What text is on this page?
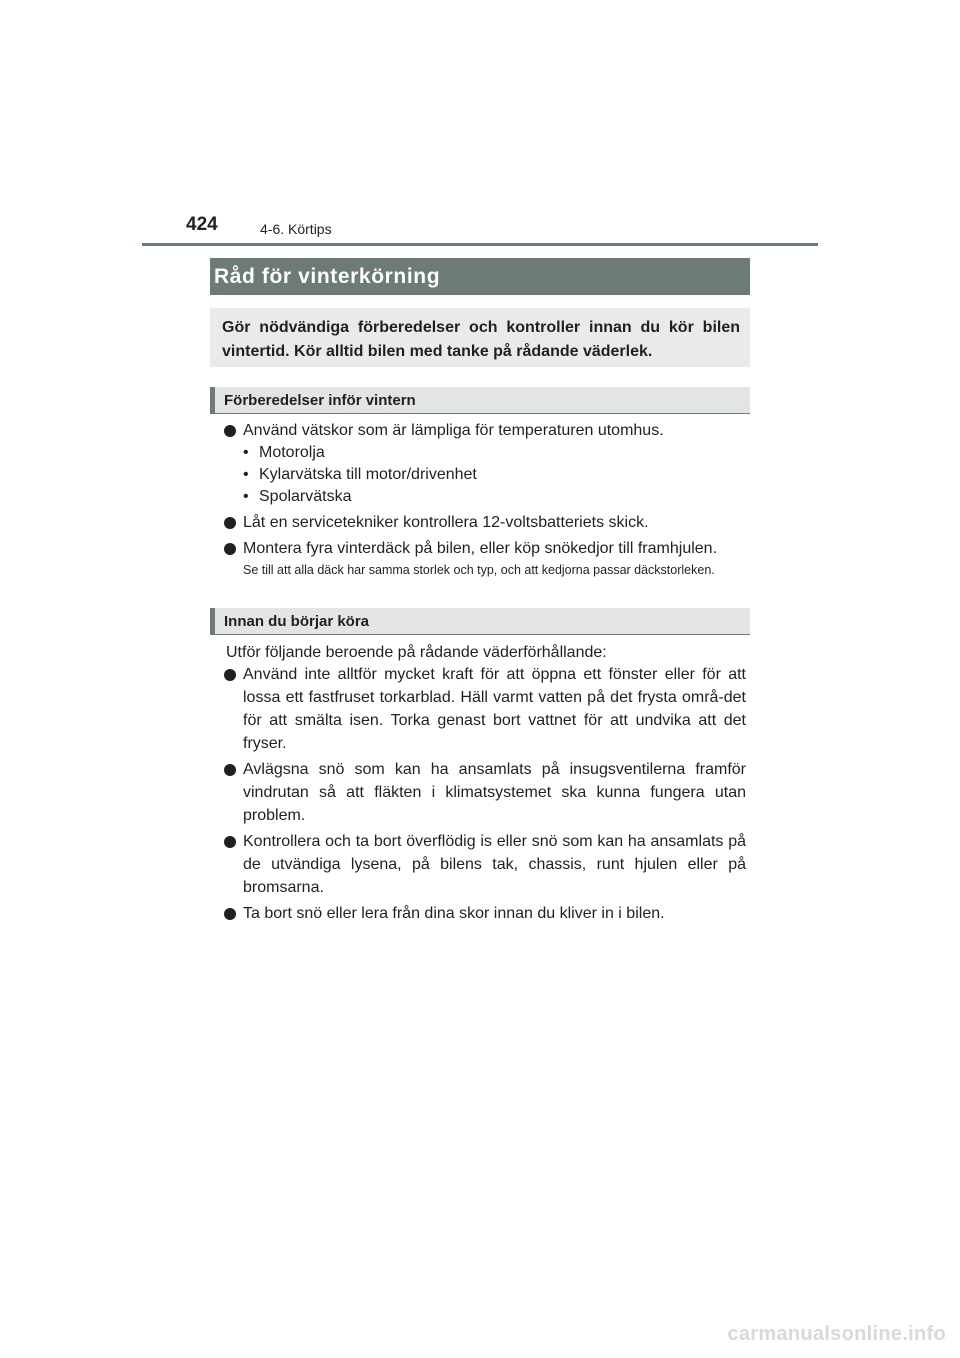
424	4-6. Körtips
Råd för vinterkörning
Gör nödvändiga förberedelser och kontroller innan du kör bilen vintertid. Kör alltid bilen med tanke på rådande väderlek.
Förberedelser inför vintern
Använd vätskor som är lämpliga för temperaturen utomhus.
• Motorolja
• Kylarvätska till motor/drivenhet
• Spolarvätska
Låt en servicetekniker kontrollera 12-voltsbatteriets skick.
Montera fyra vinterdäck på bilen, eller köp snökedjor till framhjulen.
Se till att alla däck har samma storlek och typ, och att kedjorna passar däckstorleken.
Innan du börjar köra
Utför följande beroende på rådande väderförhållande:
Använd inte alltför mycket kraft för att öppna ett fönster eller för att lossa ett fastfruset torkarblad. Häll varmt vatten på det frysta områ-det för att smälta isen. Torka genast bort vattnet för att undvika att det fryser.
Avlägsna snö som kan ha ansamlats på insugsventilerna framför vindrutan så att fläkten i klimatsystemet ska kunna fungera utan problem.
Kontrollera och ta bort överflödig is eller snö som kan ha ansamlats på de utvändiga lysena, på bilens tak, chassis, runt hjulen eller på bromsarna.
Ta bort snö eller lera från dina skor innan du kliver in i bilen.
carmanualsonline.info
